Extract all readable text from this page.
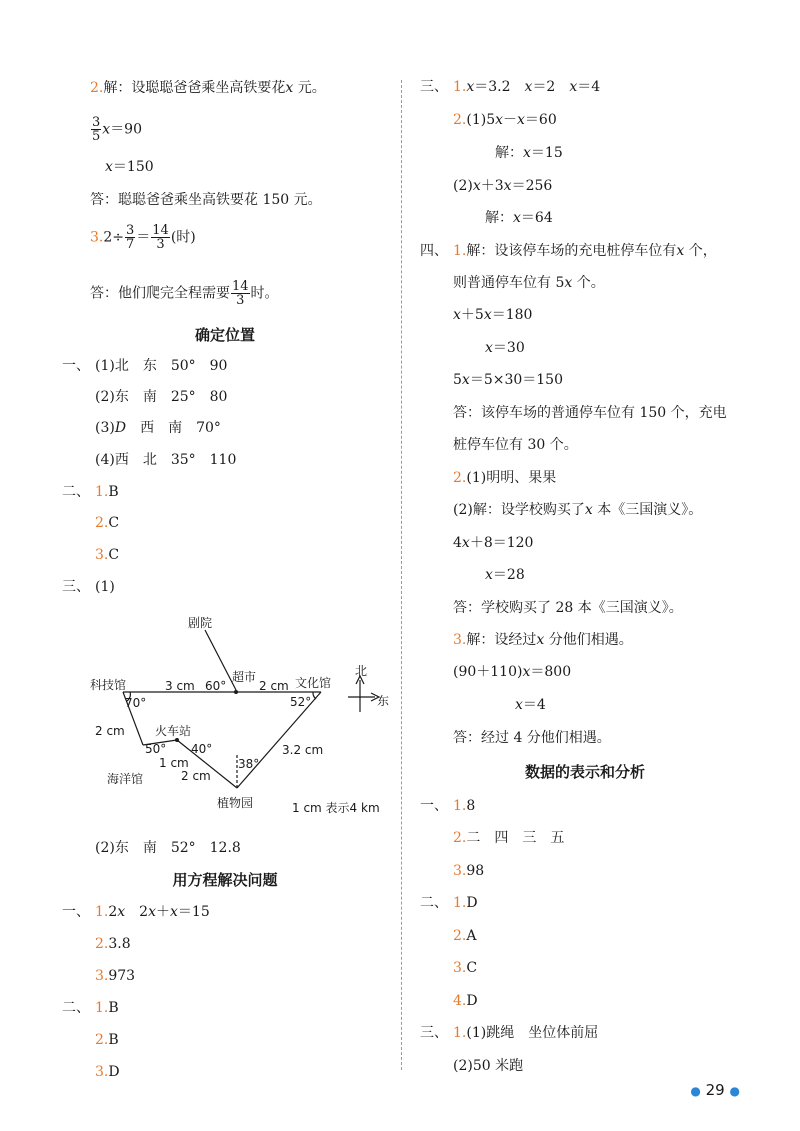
2.解：设聪聪爸爸乘坐高铁要花x 元。
$\frac{3}{5} x=90$
x＝150
答：聪聪爸爸乘坐高铁要花 150 元。
$3.2\div \frac{3}{7} = \frac{14}{3}$ (时)
答：他们爬完全程需要 $\frac{14}{3}$ 时。
确定位置
一、 (1)北　东　50°　90
(2)东　南　25°　80
(3)D　西　南　70°
(4)西　北　35°　110
二、 1.B
2.C
3.C
三、 (1)
剧院
超市	文化馆
科技馆
火车站
海洋馆
植物园
北
东
3 cm	2 cm
2 cm
1 cm
2 cm
3.2 cm
60°
70°	52°
50° 40°
38°
1 cm 表示4 km
(2)东　南　52°　12.8
用方程解决问题
一、 1.2x　2x＋x＝15
2.3.8
3.973
二、 1.B
2.B
3.D
三、 1.x＝3.2　x＝2　x＝4
2.(1)5x－x＝60
解：x＝15
(2)x＋3x＝256
解：x＝64
四、 1.解：设该停车场的充电桩停车位有x 个，
则普通停车位有 5x 个。
x＋5x＝180
x＝30
5x＝5×30＝150
答：该停车场的普通停车位有 150 个，充电
桩停车位有 30 个。
2.(1)明明、果果
(2)解：设学校购买了x 本《三国演义》。
4x＋8＝120
x＝28
答：学校购买了 28 本《三国演义》。
3.解：设经过x 分他们相遇。
(90＋110)x＝800
x＝4
答：经过 4 分他们相遇。
数据的表示和分析
一、 1.8
2.二　四　三　五
3.98
二、 1.D
2.A
3.C
4.D
三、 1.(1)跳绳　坐位体前屈
(2)50 米跑
● 29 ●
